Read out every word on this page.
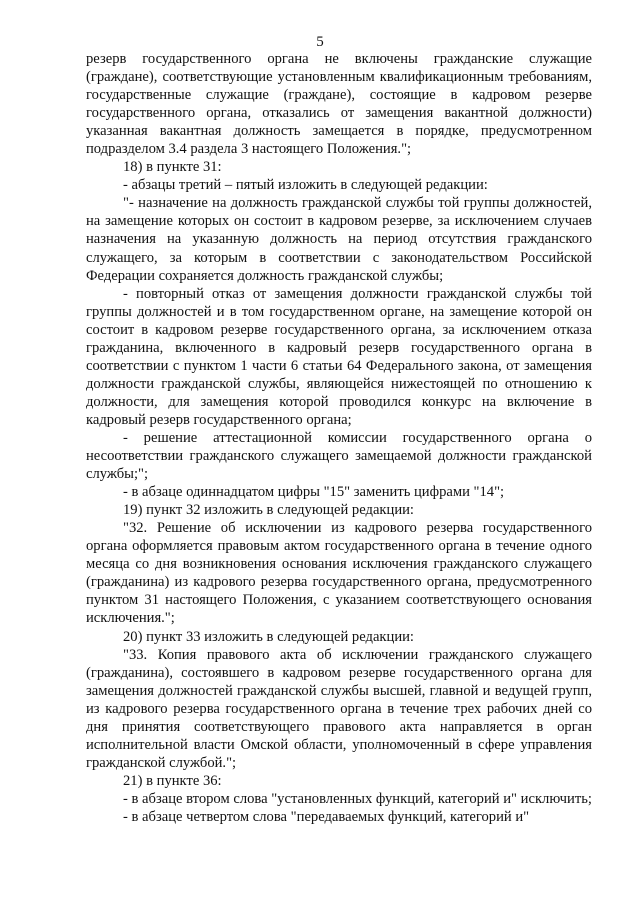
5

резерв государственного органа не включены гражданские служащие (граждане), соответствующие установленным квалификационным требованиям, государственные служащие (граждане), состоящие в кадровом резерве государственного органа, отказались от замещения вакантной должности) указанная вакантная должность замещается в порядке, предусмотренном подразделом 3.4 раздела 3 настоящего Положения.";

18) в пункте 31:

- абзацы третий – пятый изложить в следующей редакции:

"- назначение на должность гражданской службы той группы должностей, на замещение которых он состоит в кадровом резерве, за исключением случаев назначения на указанную должность на период отсутствия гражданского служащего, за которым в соответствии с законодательством Российской Федерации сохраняется должность гражданской службы;

- повторный отказ от замещения должности гражданской службы той группы должностей и в том государственном органе, на замещение которой он состоит в кадровом резерве государственного органа, за исключением отказа гражданина, включенного в кадровый резерв государственного органа в соответствии с пунктом 1 части 6 статьи 64 Федерального закона, от замещения должности гражданской службы, являющейся нижестоящей по отношению к должности, для замещения которой проводился конкурс на включение в кадровый резерв государственного органа;

- решение аттестационной комиссии государственного органа о несоответствии гражданского служащего замещаемой должности гражданской службы;";

- в абзаце одиннадцатом цифры "15" заменить цифрами "14";

19) пункт 32 изложить в следующей редакции:

"32. Решение об исключении из кадрового резерва государственного органа оформляется правовым актом государственного органа в течение одного месяца со дня возникновения основания исключения гражданского служащего (гражданина) из кадрового резерва государственного органа, предусмотренного пунктом 31 настоящего Положения, с указанием соответствующего основания исключения.";

20) пункт 33 изложить в следующей редакции:

"33. Копия правового акта об исключении гражданского служащего (гражданина), состоявшего в кадровом резерве государственного органа для замещения должностей гражданской службы высшей, главной и ведущей групп, из кадрового резерва государственного органа в течение трех рабочих дней со дня принятия соответствующего правового акта направляется в орган исполнительной власти Омской области, уполномоченный в сфере управления гражданской службой.";

21) в пункте 36:

- в абзаце втором слова "установленных функций, категорий и" исключить;

- в абзаце четвертом слова "передаваемых функций, категорий и"
